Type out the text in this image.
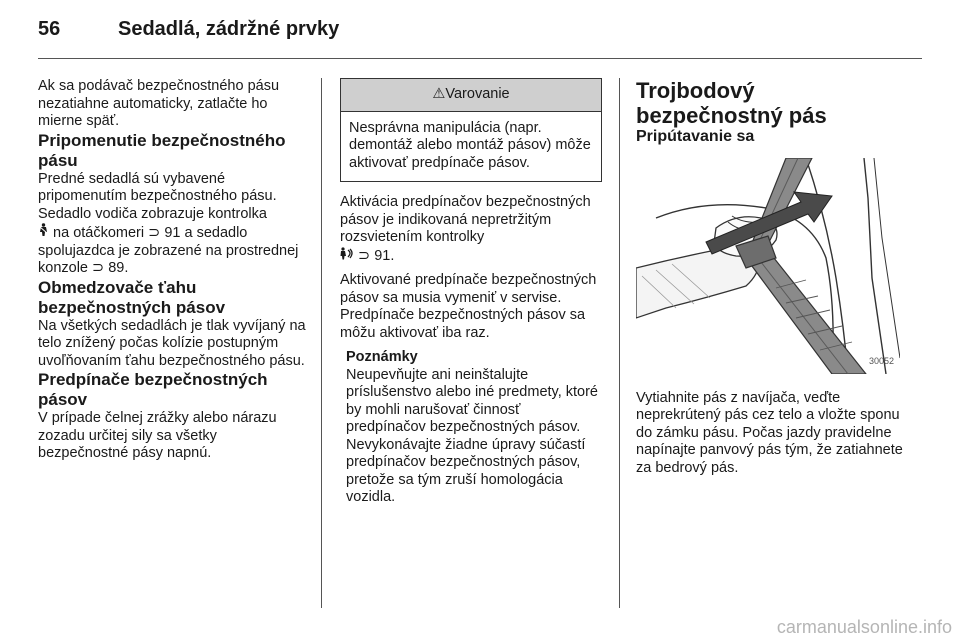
56	Sedadlá, zádržné prvky

Ak sa podávač bezpečnostného pásu nezatiahne automaticky, zatlačte ho mierne späť.

Pripomenutie bezpečnostného pásu

Predné sedadlá sú vybavené pripomenutím bezpečnostného pásu. Sedadlo vodiča zobrazuje kontrolka
na otáčkomeri ⊃ 91 a sedadlo spolujazdca je zobrazené na prostrednej konzole ⊃ 89.

Obmedzovače ťahu bezpečnostných pásov

Na všetkých sedadlách je tlak vyvíjaný na telo znížený počas kolízie postupným uvoľňovaním ťahu bezpečnostného pásu.

Predpínače bezpečnostných pásov

V prípade čelnej zrážky alebo nárazu zozadu určitej sily sa všetky bezpečnostné pásy napnú.

⚠Varovanie
Nesprávna manipulácia (napr. demontáž alebo montáž pásov) môže aktivovať predpínače pásov.

Aktivácia predpínačov bezpečnostných pásov je indikovaná nepretržitým rozsvietením kontrolky
⊃ 91.

Aktivované predpínače bezpečnostných pásov sa musia vymeniť v servise. Predpínače bezpečnostných pásov sa môžu aktivovať iba raz.

Poznámky

Neupevňujte ani neinštalujte príslušenstvo alebo iné predmety, ktoré by mohli narušovať činnosť predpínačov bezpečnostných pásov. Nevykonávajte žiadne úpravy súčastí predpínačov bezpečnostných pásov, pretože sa tým zruší homologácia vozidla.

Trojbodový bezpečnostný pás

Pripútavanie sa

30052

Vytiahnite pás z navíjača, veďte neprekrútený pás cez telo a vložte sponu do zámku pásu. Počas jazdy pravidelne napínajte panvový pás tým, že zatiahnete za bedrový pás.

carmanualsonline.info
